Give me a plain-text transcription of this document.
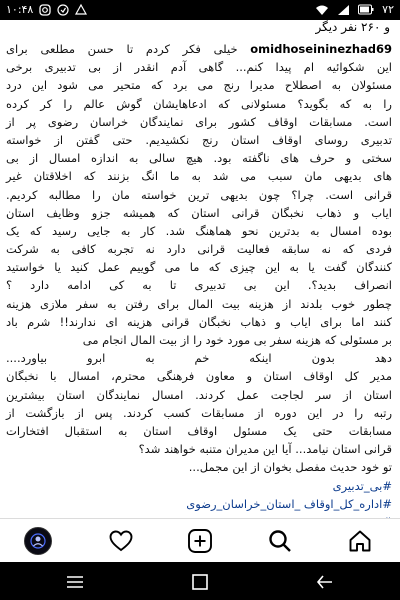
۱۰:۴۸	۷۲
و ۲۶۰ نفر دیگر
omidhoseininezhad69 خیلی فکر کردم تا حسن مطلعی برای
این شکوائیه ام پیدا کنم... گاهی آدم انقدر از بی تدبیری برخی
مسئولان به اصطلاح مدیرا رنج می برد که متحیر می شود این درد
را به که بگوید؟ مسئولانی که ادعاهایشان گوش عالم را کر کرده
است. مسابقات اوقاف کشور برای نمایندگان خراسان رضوی پر از
تدبیری روسای اوقاف استان رنج نکشیدیم. حتی گفتن از خواسته
سختی و حرف های ناگفته بود. هیچ سالی به اندازه امسال از بی
های بدیهی مان سبب می شد به ما انگ بزنند که اخلاقتان غیر
قرانی است. چرا؟ چون بدیهی ترین خواسته مان را مطالبه کردیم.
ایاب و ذهاب نخبگان قرانی استان که همیشه جزو وظایف استان
بوده امسال به بدترین نحو هماهنگ شد. کار به جایی رسید که یک
فردی که نه سابقه فعالیت قرانی دارد نه تجربه کافی به شرکت
کنندگان گفت یا به این چیزی که ما می گوییم عمل کنید یا خواستید
انصراف بدید؟. این بی تدبیری تا به کی ادامه دارد ؟
چطور خوب بلدند از هزینه بیت المال برای رفتن به سفر ملازی هزینه
کنند اما برای ایاب و ذهاب نخبگان قرانی هزینه ای ندارند!! شرم باد
بر مسئولی که هزینه سفر بی مورد خود را از بیت المال انجام می
دهد بدون اینکه خم به ابرو بیاورد....
مدیر کل اوقاف استان و معاون فرهنگی محترم، امسال با نخبگان
استان از سر لجاجت عمل کردند. امسال نمایندگان استان بیشترین
رتبه را در این دوره از مسابقات کسب کردند. پس از بازگشت از
مسابقات حتی یک مسئول اوقاف استان به استقبال افتخارات
قرانی استان نیامد... آیا این مدیران متنبه خواهند شد؟
تو خود حدیث مفصل بخوان از این مجمل...
#بی_تدبیری
#اداره_کل_اوقاف _استان_خراسان_رضوی
